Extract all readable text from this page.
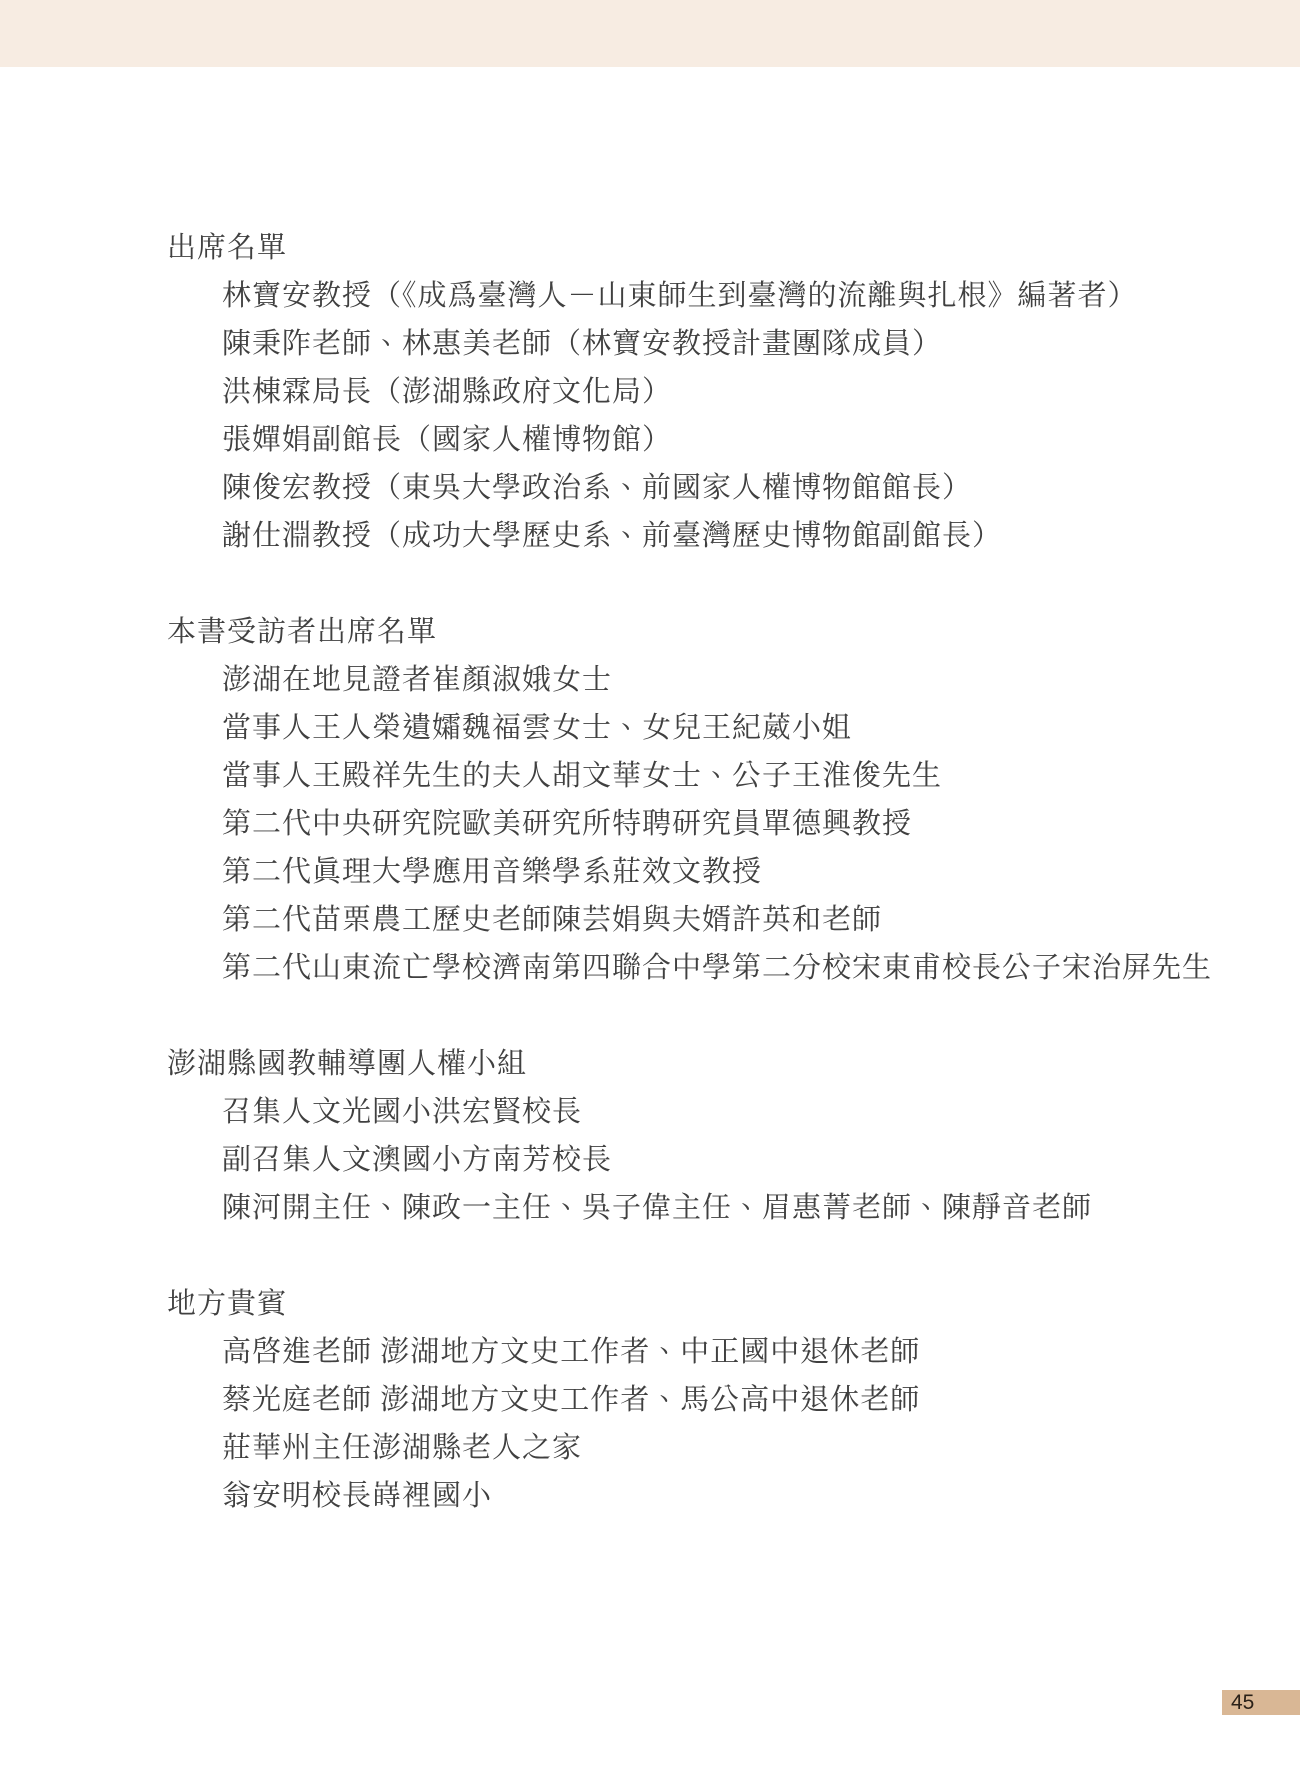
出席名單

林寶安教授（《成爲臺灣人－山東師生到臺灣的流離與扎根》編著者）

陳秉阼老師、林惠美老師（林寶安教授計畫團隊成員）

洪棟霖局長（澎湖縣政府文化局）

張嬋娟副館長（國家人權博物館）

陳俊宏教授（東吳大學政治系、前國家人權博物館館長）

謝仕淵教授（成功大學歷史系、前臺灣歷史博物館副館長）

本書受訪者出席名單

澎湖在地見證者崔顏淑娥女士

當事人王人榮遺孀魏福雲女士、女兒王紀葳小姐

當事人王殿祥先生的夫人胡文華女士、公子王淮俊先生

第二代中央研究院歐美研究所特聘研究員單德興教授

第二代眞理大學應用音樂學系莊效文教授

第二代苗栗農工歷史老師陳芸娟與夫婿許英和老師

第二代山東流亡學校濟南第四聯合中學第二分校宋東甫校長公子宋治屏先生

澎湖縣國教輔導團人權小組

召集人文光國小洪宏賢校長

副召集人文澳國小方南芳校長

陳河開主任、陳政一主任、吳子偉主任、眉惠菁老師、陳靜音老師

地方貴賓

高啓進老師 澎湖地方文史工作者、中正國中退休老師

蔡光庭老師 澎湖地方文史工作者、馬公高中退休老師

莊華州主任澎湖縣老人之家

翁安明校長嵵裡國小

45
